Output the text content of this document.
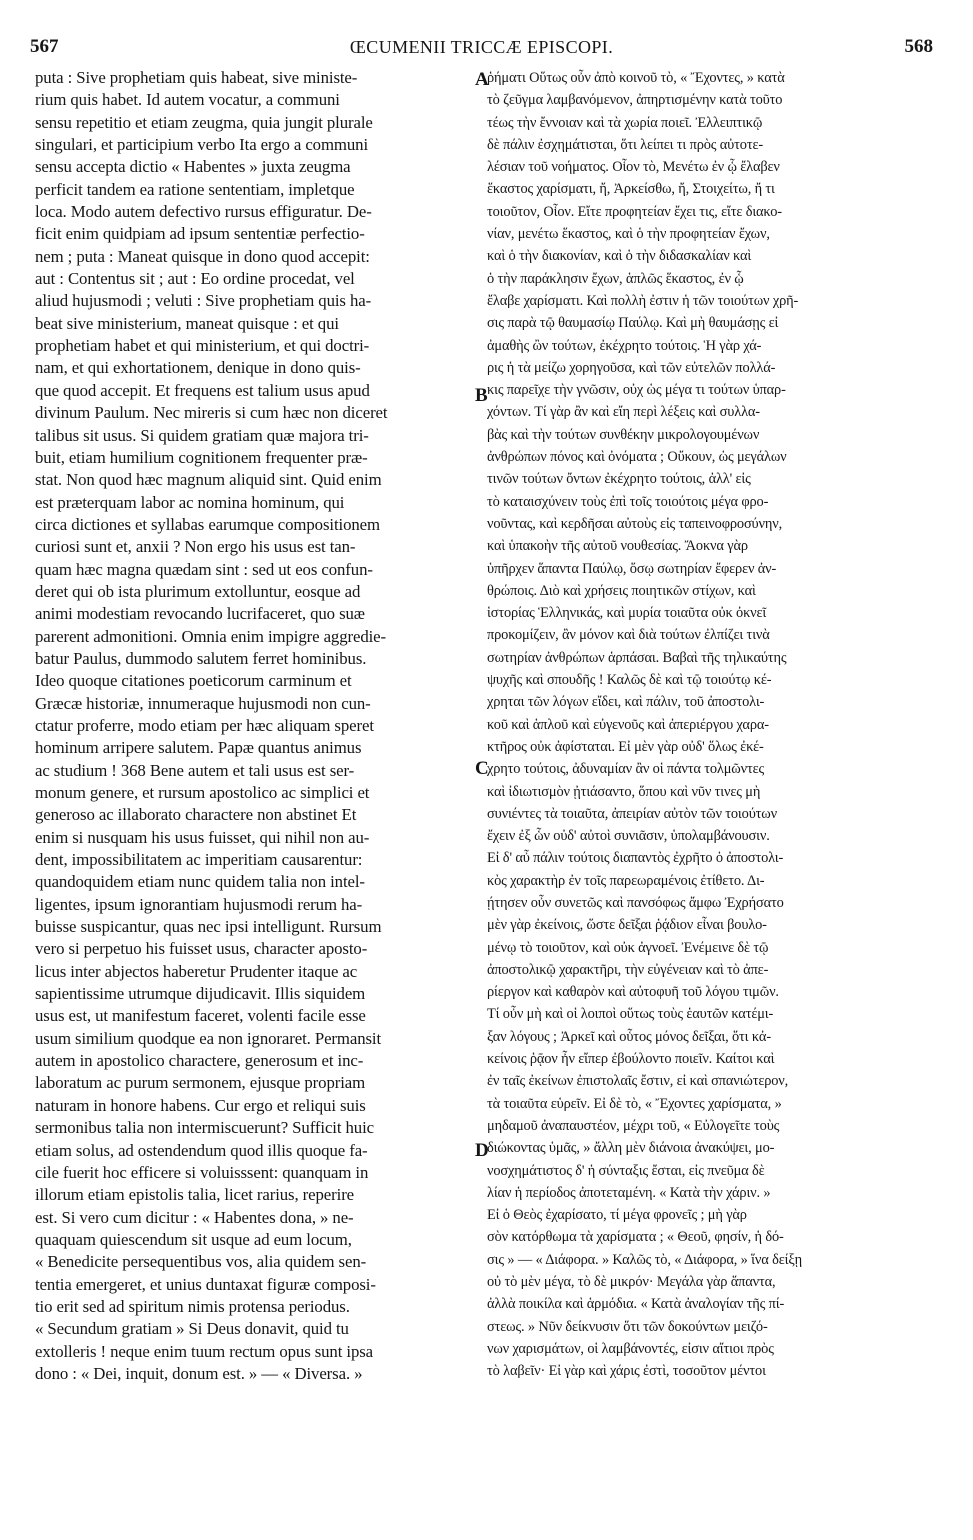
567	ŒCUMENII TRICCÆ EPISCOPI.	568
puta : Sive prophetiam quis habeat, sive ministe-
rium quis habet. Id autem vocatur, a communi
sensu repetitio et etiam zeugma, quia jungit plurale
singulari, et participium verbo Ita ergo a communi
sensu accepta dictio « Habentes » juxta zeugma
perficit tandem ea ratione sententiam, impletque
loca. Modo autem defectivo rursus effiguratur. De-
ficit enim quidpiam ad ipsum sententiæ perfectio-
nem ; puta : Maneat quisque in dono quod accepit:
aut : Contentus sit ; aut : Eo ordine procedat, vel
aliud hujusmodi ; veluti : Sive prophetiam quis ha-
beat sive ministerium, maneat quisque : et qui
prophetiam habet et qui ministerium, et qui doctri-
nam, et qui exhortationem, denique in dono quis-
que quod accepit. Et frequens est talium usus apud
divinum Paulum. Nec mireris si cum hæc non diceret
talibus sit usus. Si quidem gratiam quæ majora tri-
buit, etiam humilium cognitionem frequenter præ-
stat. Non quod hæc magnum aliquid sint. Quid enim
est præterquam labor ac nomina hominum, qui
circa dictiones et syllabas earumque compositionem
curiosi sunt et, anxii ? Non ergo his usus est tan-
quam hæc magna quædam sint : sed ut eos confun-
deret qui ob ista plurimum extolluntur, eosque ad
animi modestiam revocando lucrifaceret, quo suæ
parerent admonitioni. Omnia enim impigre aggredie-
batur Paulus, dummodo salutem ferret hominibus.
Ideo quoque citationes poeticorum carminum et
Græcæ historiæ, innumeraque hujusmodi non cun-
ctatur proferre, modo etiam per hæc aliquam speret
hominum arripere salutem. Papæ quantus animus
ac studium ! 368 Bene autem et tali usus est ser-
monum genere, et rursum apostolico ac simplici et
generoso ac illaborato charactere non abstinet Et
enim si nusquam his usus fuisset, qui nihil non au-
dent, impossibilitatem ac imperitiam causarentur:
quandoquidem etiam nunc quidem talia non intel-
ligentes, ipsum ignorantiam hujusmodi rerum ha-
buisse suspicantur, quas nec ipsi intelligunt. Rursum
vero si perpetuo his fuisset usus, character aposto-
licus inter abjectos haberetur Prudenter itaque ac
sapientissime utrumque dijudicavit. Illis siquidem
usus est, ut manifestum faceret, volenti facile esse
usum similium quodque ea non ignoraret. Permansit
autem in apostolico charactere, generosum et inc-
laboratum ac purum sermonem, ejusque propriam
naturam in honore habens. Cur ergo et reliqui suis
sermonibus talia non intermiscuerunt? Sufficit huic
etiam solus, ad ostendendum quod illis quoque fa-
cile fuerit hoc efficere si voluisssent: quanquam in
illorum etiam epistolis talia, licet rarius, reperire
est. Si vero cum dicitur : « Habentes dona, » ne-
quaquam quiescendum sit usque ad eum locum,
« Benedicite persequentibus vos, alia quidem sen-
tentia emergeret, et unius duntaxat figuræ composi-
tio erit sed ad spiritum nimis protensa periodus.
« Secundum gratiam » Si Deus donavit, quid tu
extolleris ! neque enim tuum rectum opus sunt ipsa
dono : « Dei, inquit, donum est. » — « Diversa. »
ῥήματι Οὕτως οὖν ἀπὸ κοινοῦ τὸ, « Ἔχοντες, » κατὰ
τὸ ζεῦγμα λαμβανόμενον, ἀπηρτισμένην κατὰ τοῦτο
τέως τὴν ἔννοιαν καὶ τὰ χωρία ποιεῖ. Ἐλλειπτικῷ
δὲ πάλιν ἐσχημάτισται, ὅτι λείπει τι πρὸς αὐτοτε-
λέσιαν τοῦ νοήματος. Οἷον τὸ, Μενέτω ἐν ᾧ ἔλαβεν
ἕκαστος χαρίσματι, ἤ, Ἀρκείσθω, ἤ, Στοιχείτω, ἤ τι
τοιοῦτον, Οἷον. Εἴτε προφητείαν ἔχει τις, εἴτε διακο-
νίαν, μενέτω ἕκαστος, καὶ ὁ τὴν προφητείαν ἔχων,
καὶ ὁ τὴν διακονίαν, καὶ ὁ τὴν διδασκαλίαν καὶ
ὁ τὴν παράκλησιν ἔχων, ἁπλῶς ἕκαστος, ἐν ᾧ
ἔλαβε χαρίσματι. Καὶ πολλὴ ἐστιν ἡ τῶν τοιούτων χρῆ-
σις παρὰ τῷ θαυμασίῳ Παύλῳ. Καὶ μὴ θαυμάσῃς εἰ
ἀμαθὴς ὢν τούτων, ἐκέχρητο τούτοις. Ἡ γὰρ χά-
ρις ἡ τὰ μείζω χορηγοῦσα, καὶ τῶν εὐτελῶν πολλά-
κις παρεῖχε τὴν γνῶσιν, οὐχ ὡς μέγα τι τούτων ὑπαρ-
χόντων. Τί γὰρ ἂν καὶ εἴη περὶ λέξεις καὶ συλλα-
βὰς καὶ τὴν τούτων συνθέκην μικρολογουμένων
ἀνθρώπων πόνος καὶ ὀνόματα ; Οὔκουν, ὡς μεγάλων
τινῶν τούτων ὄντων ἐκέχρητο τούτοις, ἀλλ' εἰς
τὸ καταισχύνειν τοὺς ἐπὶ τοῖς τοιούτοις μέγα φρο-
νοῦντας, καὶ κερδῆσαι αὐτοὺς εἰς ταπεινοφροσύνην,
καὶ ὑπακοὴν τῆς αὐτοῦ νουθεσίας. Ἄοκνα γὰρ
ὑπῆρχεν ἅπαντα Παύλῳ, ὅσῳ σωτηρίαν ἔφερεν ἀν-
θρώποις. Διὸ καὶ χρήσεις ποιητικῶν στίχων, καὶ
ἱστορίας Ἑλληνικάς, καὶ μυρία τοιαῦτα οὐκ ὀκνεῖ
προκομίζειν, ἂν μόνον καὶ διὰ τούτων ἐλπίζει τινὰ
σωτηρίαν ἀνθρώπων ἁρπάσαι. Βαβαὶ τῆς τηλικαύτης
ψυχῆς καὶ σπουδῆς ! Καλῶς δὲ καὶ τῷ τοιούτῳ κέ-
χρηται τῶν λόγων εἴδει, καὶ πάλιν, τοῦ ἀποστολι-
κοῦ καὶ ἁπλοῦ καὶ εὐγενοῦς καὶ ἀπεριέργου χαρα-
κτῆρος οὐκ ἀφίσταται. Εἰ μὲν γὰρ οὐδ' ὅλως ἐκέ-
χρητο τούτοις, ἀδυναμίαν ἂν οἱ πάντα τολμῶντες
καὶ ἰδιωτισμὸν ᾐτιάσαντο, ὅπου καὶ νῦν τινες μὴ
συνιέντες τὰ τοιαῦτα, ἀπειρίαν αὐτὸν τῶν τοιούτων
ἔχειν ἐξ ὧν οὐδ' αὐτοὶ συνιᾶσιν, ὑπολαμβάνουσιν.
Εἰ δ' αὖ πάλιν τούτοις διαπαντὸς ἐχρῆτο ὁ ἀποστολι-
κὸς χαρακτὴρ ἐν τοῖς παρεωραμένοις ἐτίθετο. Δι-
ῄτησεν οὖν συνετῶς καὶ πανσόφως ἄμφω Ἐχρήσατο
μὲν γὰρ ἐκείνοις, ὥστε δεῖξαι ῥᾴδιον εἶναι βουλο-
μένῳ τὸ τοιοῦτον, καὶ οὐκ ἀγνοεῖ. Ἐνέμεινε δὲ τῷ
ἀποστολικῷ χαρακτῆρι, τὴν εὐγένειαν καὶ τὸ ἀπε-
ρίεργον καὶ καθαρὸν καὶ αὐτοφυῆ τοῦ λόγου τιμῶν.
Τί οὖν μὴ καὶ οἱ λοιποὶ οὕτως τοὺς ἑαυτῶν κατέμι-
ξαν λόγους ; Ἀρκεῖ καὶ οὗτος μόνος δεῖξαι, ὅτι κἀ-
κείνοις ῥᾷον ἦν εἴπερ ἐβούλοντο ποιεῖν. Καίτοι καὶ
ἐν ταῖς ἐκείνων ἐπιστολαῖς ἔστιν, εἰ καὶ σπανιώτερον,
τὰ τοιαῦτα εὑρεῖν. Εἰ δὲ τὸ, « Ἔχοντες χαρίσματα, »
μηδαμοῦ ἀναπαυστέον, μέχρι τοῦ, « Εὐλογεῖτε τοὺς
διώκοντας ὑμᾶς, » ἄλλη μὲν διάνοια ἀνακύψει, μο-
νοσχημάτιστος δ' ἡ σύνταξις ἔσται, εἰς πνεῦμα δὲ
λίαν ἡ περίοδος ἀποτεταμένη. « Κατὰ τὴν χάριν. »
Εἰ ὁ Θεὸς ἐχαρίσατο, τί μέγα φρονεῖς ; μὴ γὰρ
σὸν κατόρθωμα τὰ χαρίσματα ; « Θεοῦ, φησίν, ἡ δό-
σις » — « Διάφορα. » Καλῶς τὸ, « Διάφορα, » ἵνα δείξῃ
οὐ τὸ μὲν μέγα, τὸ δὲ μικρόν· Μεγάλα γὰρ ἅπαντα,
ἀλλὰ ποικίλα καὶ ἁρμόδια. « Κατὰ ἀναλογίαν τῆς πί-
στεως. » Νῦν δείκνυσιν ὅτι τῶν δοκούντων μειζό-
νων χαρισμάτων, οἱ λαμβάνοντές, εἰσιν αἴτιοι πρὸς
τὸ λαβεῖν· Εἰ γὰρ καὶ χάρις ἐστὶ, τοσοῦτον μέντοι
A
B
C
D
